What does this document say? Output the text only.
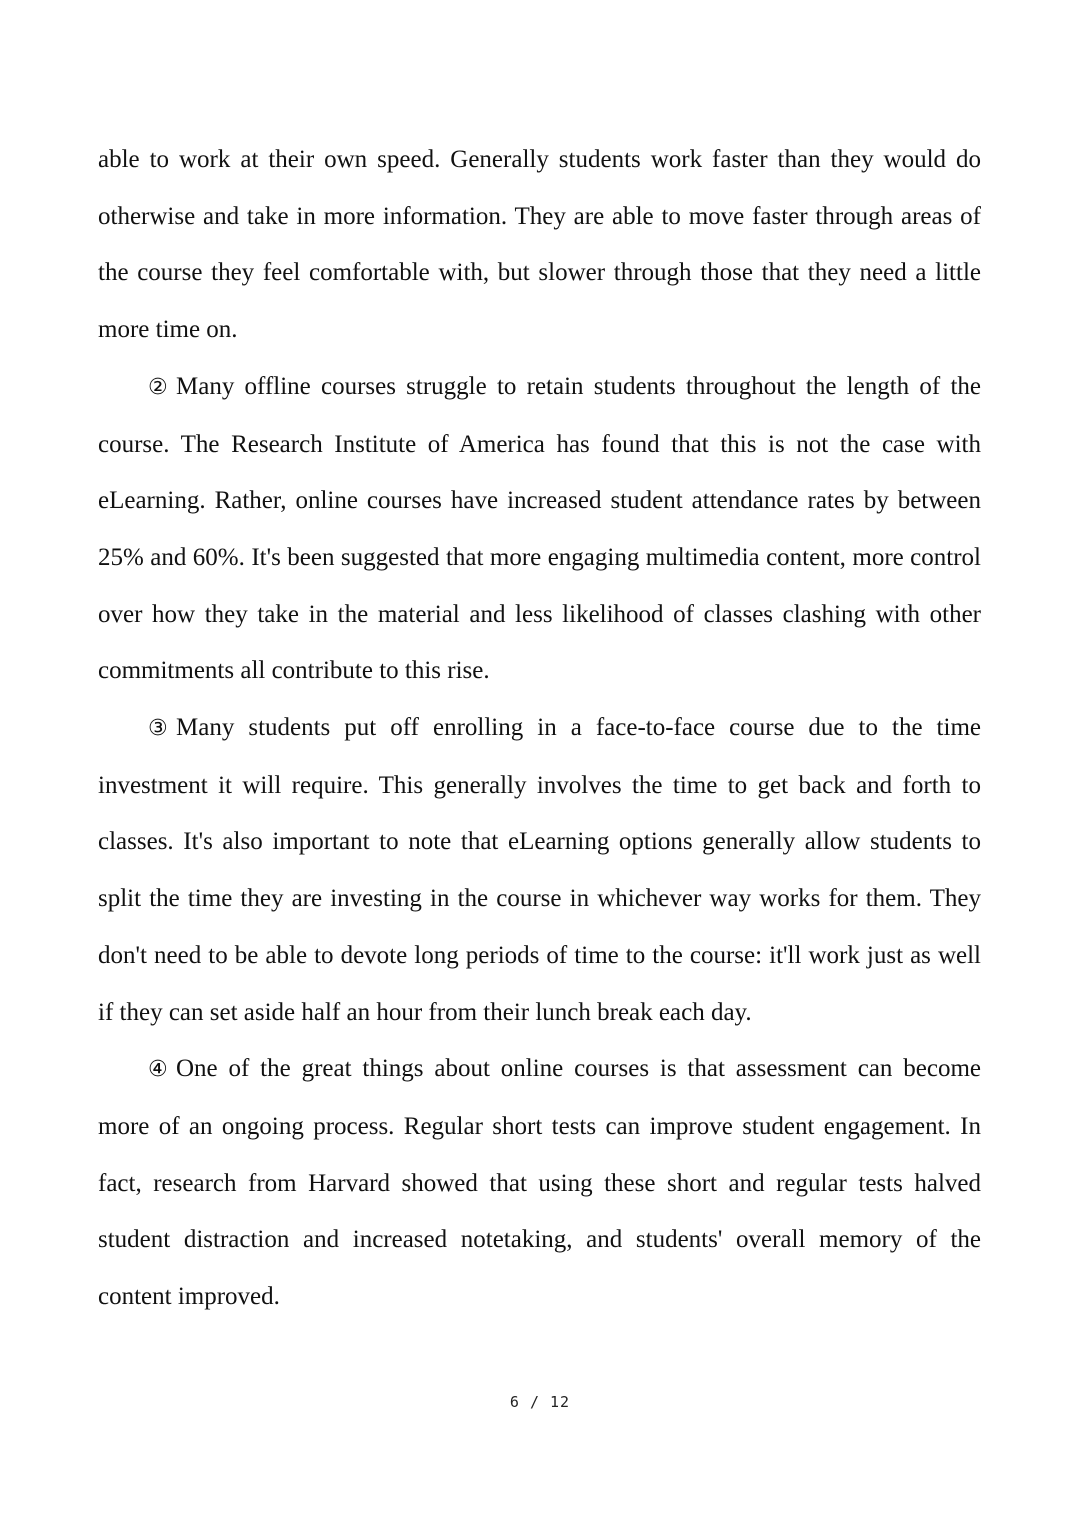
able to work at their own speed. Generally students work faster than they would do otherwise and take in more information. They are able to move faster through areas of the course they feel comfortable with, but slower through those that they need a little more time on.

② Many offline courses struggle to retain students throughout the length of the course. The Research Institute of America has found that this is not the case with eLearning. Rather, online courses have increased student attendance rates by between 25% and 60%. It's been suggested that more engaging multimedia content, more control over how they take in the material and less likelihood of classes clashing with other commitments all contribute to this rise.

③ Many students put off enrolling in a face-to-face course due to the time investment it will require. This generally involves the time to get back and forth to classes. It's also important to note that eLearning options generally allow students to split the time they are investing in the course in whichever way works for them. They don't need to be able to devote long periods of time to the course: it'll work just as well if they can set aside half an hour from their lunch break each day.

④ One of the great things about online courses is that assessment can become more of an ongoing process. Regular short tests can improve student engagement. In fact, research from Harvard showed that using these short and regular tests halved student distraction and increased notetaking, and students' overall memory of the content improved.

6 / 12
